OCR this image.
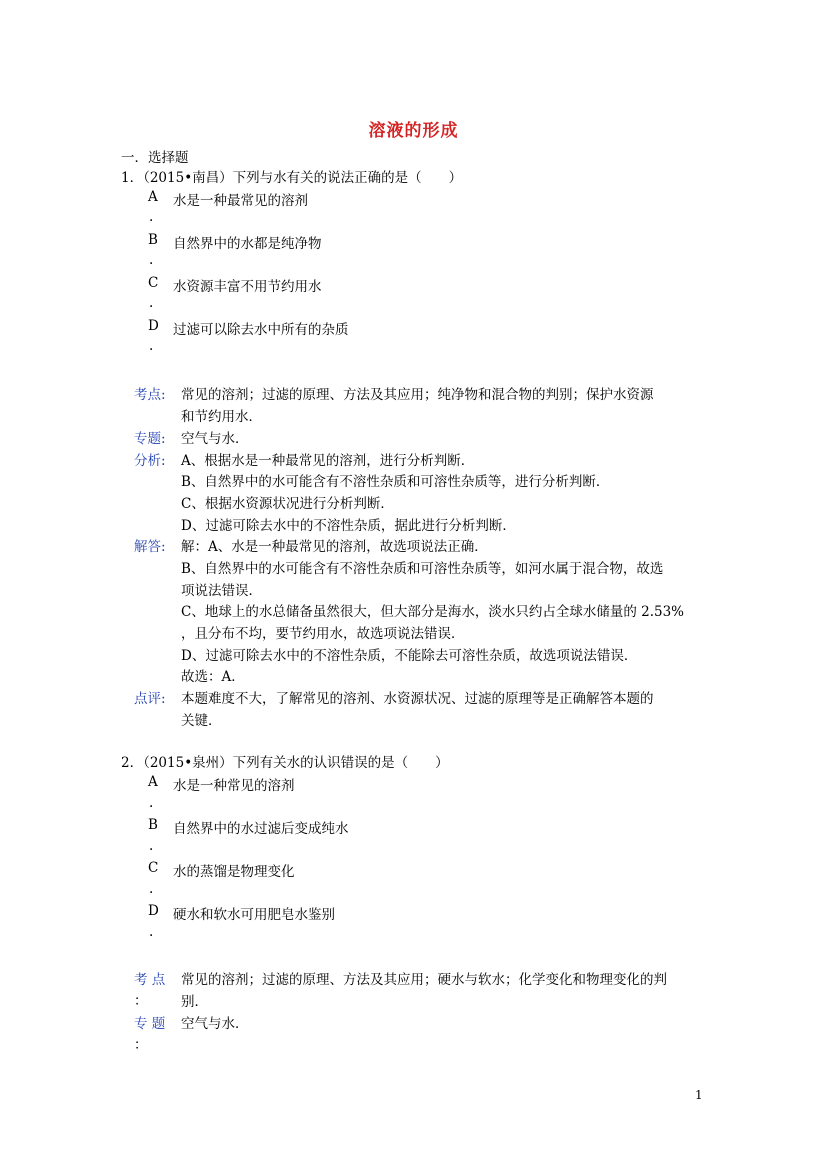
溶液的形成
一．选择题
1．（2015•南昌）下列与水有关的说法正确的是（　　）
A 水是一种最常见的溶剂
.
B 自然界中的水都是纯净物
.
C 水资源丰富不用节约用水
.
D 过滤可以除去水中所有的杂质
.
考点: 常见的溶剂；过滤的原理、方法及其应用；纯净物和混合物的判别；保护水资源
和节约用水．
专题: 空气与水．
分析: A、根据水是一种最常见的溶剂，进行分析判断．
B、自然界中的水可能含有不溶性杂质和可溶性杂质等，进行分析判断．
C、根据水资源状况进行分析判断．
D、过滤可除去水中的不溶性杂质，据此进行分析判断．
解答: 解：A、水是一种最常见的溶剂，故选项说法正确．
B、自然界中的水可能含有不溶性杂质和可溶性杂质等，如河水属于混合物，故选
项说法错误．
C、地球上的水总储备虽然很大，但大部分是海水，淡水只约占全球水储量的 2.53%
，且分布不均，要节约用水，故选项说法错误．
D、过滤可除去水中的不溶性杂质，不能除去可溶性杂质，故选项说法错误．
故选：A．
点评: 本题难度不大，了解常见的溶剂、水资源状况、过滤的原理等是正确解答本题的
关键．
2．（2015•泉州）下列有关水的认识错误的是（　　）
A 水是一种常见的溶剂
.
B 自然界中的水过滤后变成纯水
.
C 水的蒸馏是物理变化
.
D 硬水和软水可用肥皂水鉴别
.
考 点
：
常见的溶剂；过滤的原理、方法及其应用；硬水与软水；化学变化和物理变化的判
别．
专 题
：
空气与水．
1
